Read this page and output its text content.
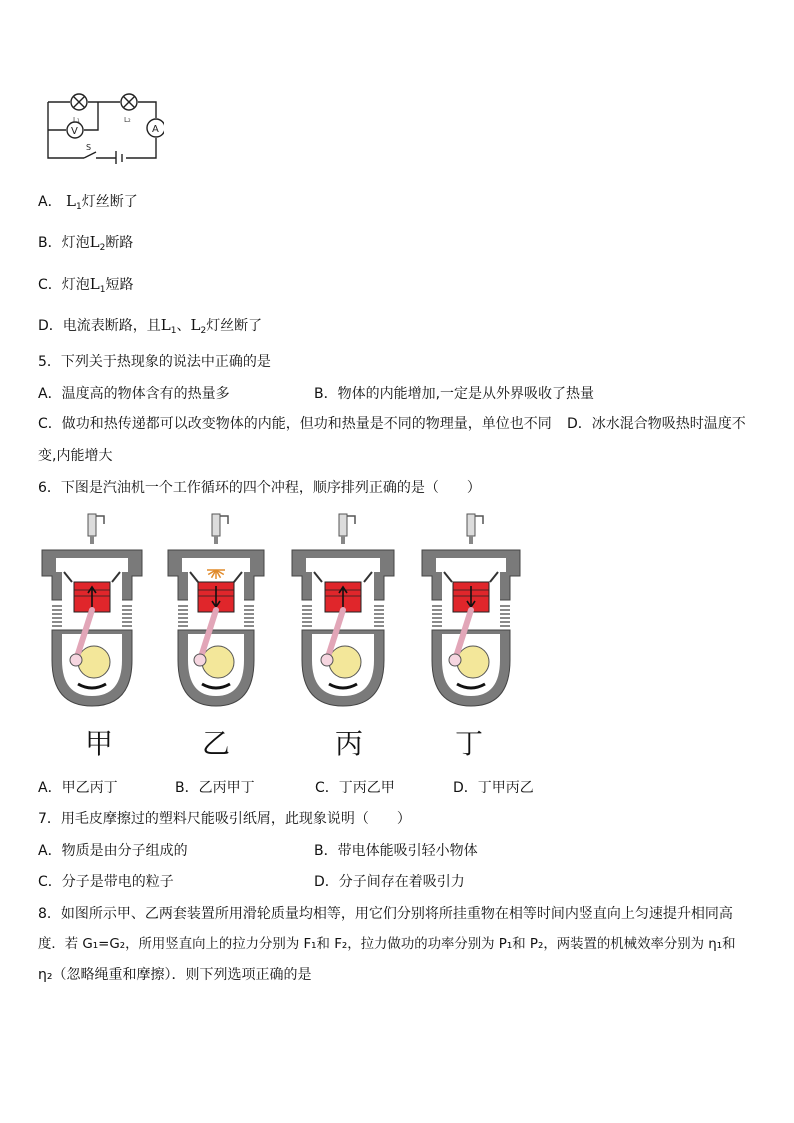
V	A
L₁	L₂
S
A． $L_1$灯丝断了
B．灯泡$L_2$断路
C．灯泡$L_1$短路
D．电流表断路，且$L_1$、$L_2$灯丝断了
5．下列关于热现象的说法中正确的是
A．温度高的物体含有的热量多	B．物体的内能增加,一定是从外界吸收了热量
C．做功和热传递都可以改变物体的内能，但功和热量是不同的物理量，单位也不同 D．冰水混合物吸热时温度不
变,内能增大
6．下图是汽油机一个工作循环的四个冲程，顺序排列正确的是（　　）
甲	乙	丙	丁
A．甲乙丙丁	B．乙丙甲丁	C．丁丙乙甲	D．丁甲丙乙
7．用毛皮摩擦过的塑料尺能吸引纸屑，此现象说明（　　）
A．物质是由分子组成的	B．带电体能吸引轻小物体
C．分子是带电的粒子	D．分子间存在着吸引力
8．如图所示甲、乙两套装置所用滑轮质量均相等，用它们分别将所挂重物在相等时间内竖直向上匀速提升相同高
度．若 G₁=G₂，所用竖直向上的拉力分别为 F₁和 F₂，拉力做功的功率分别为 P₁和 P₂，两装置的机械效率分别为 η₁和
η₂（忽略绳重和摩擦）．则下列选项正确的是
